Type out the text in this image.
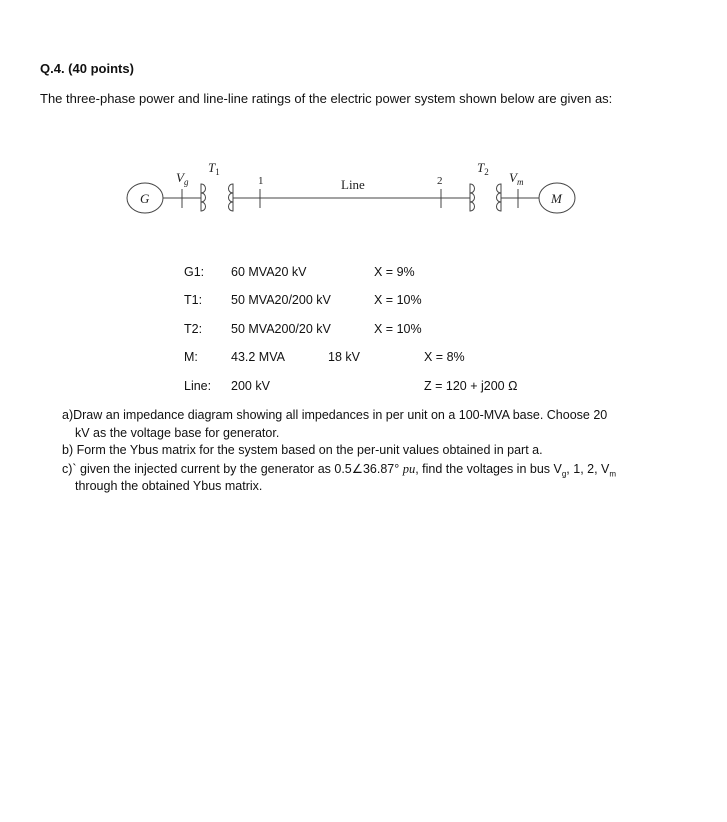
Q.4. (40 points)
The three-phase power and line-line ratings of the electric power system shown below are given as:
G	M
$V_g$
$T_1$
1	Line	2
$T_2$ $V_m$
G1: 60 MVA20 kV	X = 9%
T1: 50 MVA20/200 kV	X = 10%
T2: 50 MVA200/20 kV	X = 10%
M:	43.2 MVA	18 kV	X = 8%
Line: 200 kV	Z = 120 + j200 Ω
a)Draw an impedance diagram showing all impedances in per unit on a 100-MVA base. Choose 20
kV as the voltage base for generator.
b) Form the Ybus matrix for the system based on the per-unit values obtained in part a.
c)` given the injected current by the generator as 0.5∠36.87° pu, find the voltages in bus $V_g$, 1, 2, $V_m$
through the obtained Ybus matrix.
